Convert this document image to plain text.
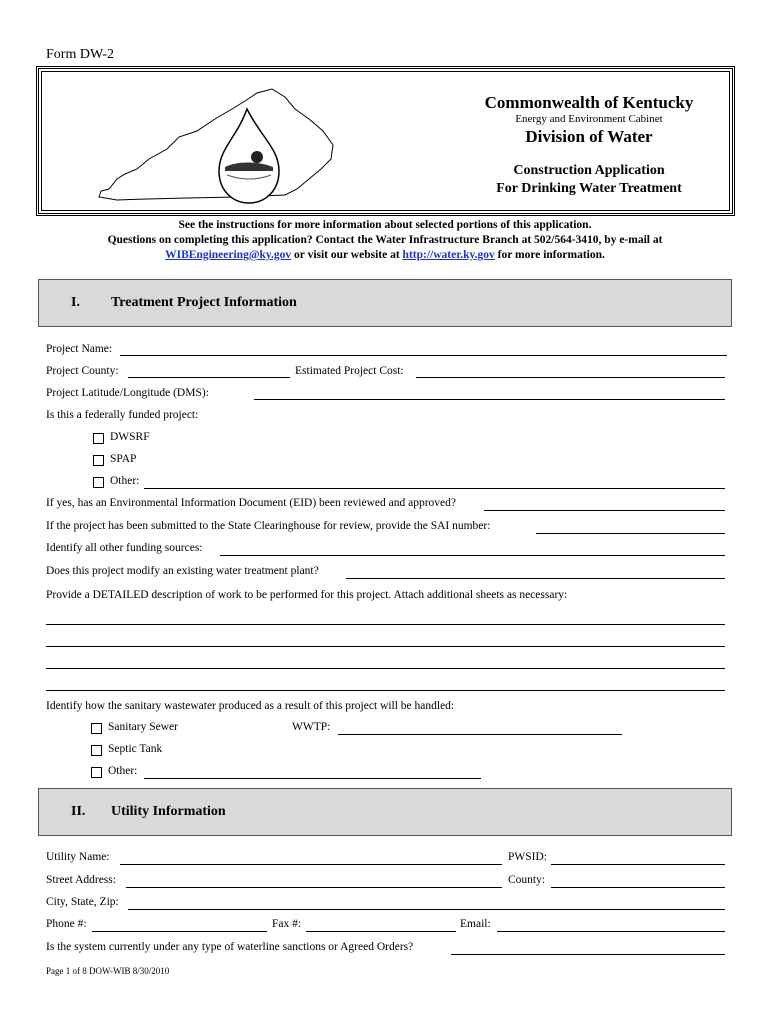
Form DW-2
Commonwealth of Kentucky
Energy and Environment Cabinet
Division of Water
Construction Application
For Drinking Water Treatment
See the instructions for more information about selected portions of this application.
Questions on completing this application? Contact the Water Infrastructure Branch at 502/564-3410, by e-mail at
WIBEngineering@ky.gov or visit our website at http://water.ky.gov for more information.
I. Treatment Project Information
Project Name:
Project County:	Estimated Project Cost:
Project Latitude/Longitude (DMS):
Is this a federally funded project:
DWSRF
SPAP
Other:
If yes, has an Environmental Information Document (EID) been reviewed and approved?
If the project has been submitted to the State Clearinghouse for review, provide the SAI number:
Identify all other funding sources:
Does this project modify an existing water treatment plant?
Provide a DETAILED description of work to be performed for this project. Attach additional sheets as necessary:
Identify how the sanitary wastewater produced as a result of this project will be handled:
Sanitary Sewer	WWTP:
Septic Tank
Other:
II. Utility Information
Utility Name:	PWSID:
Street Address:	County:
City, State, Zip:
Phone #:	Fax #:	Email:
Is the system currently under any type of waterline sanctions or Agreed Orders?
Page 1 of 8 DOW-WIB 8/30/2010
